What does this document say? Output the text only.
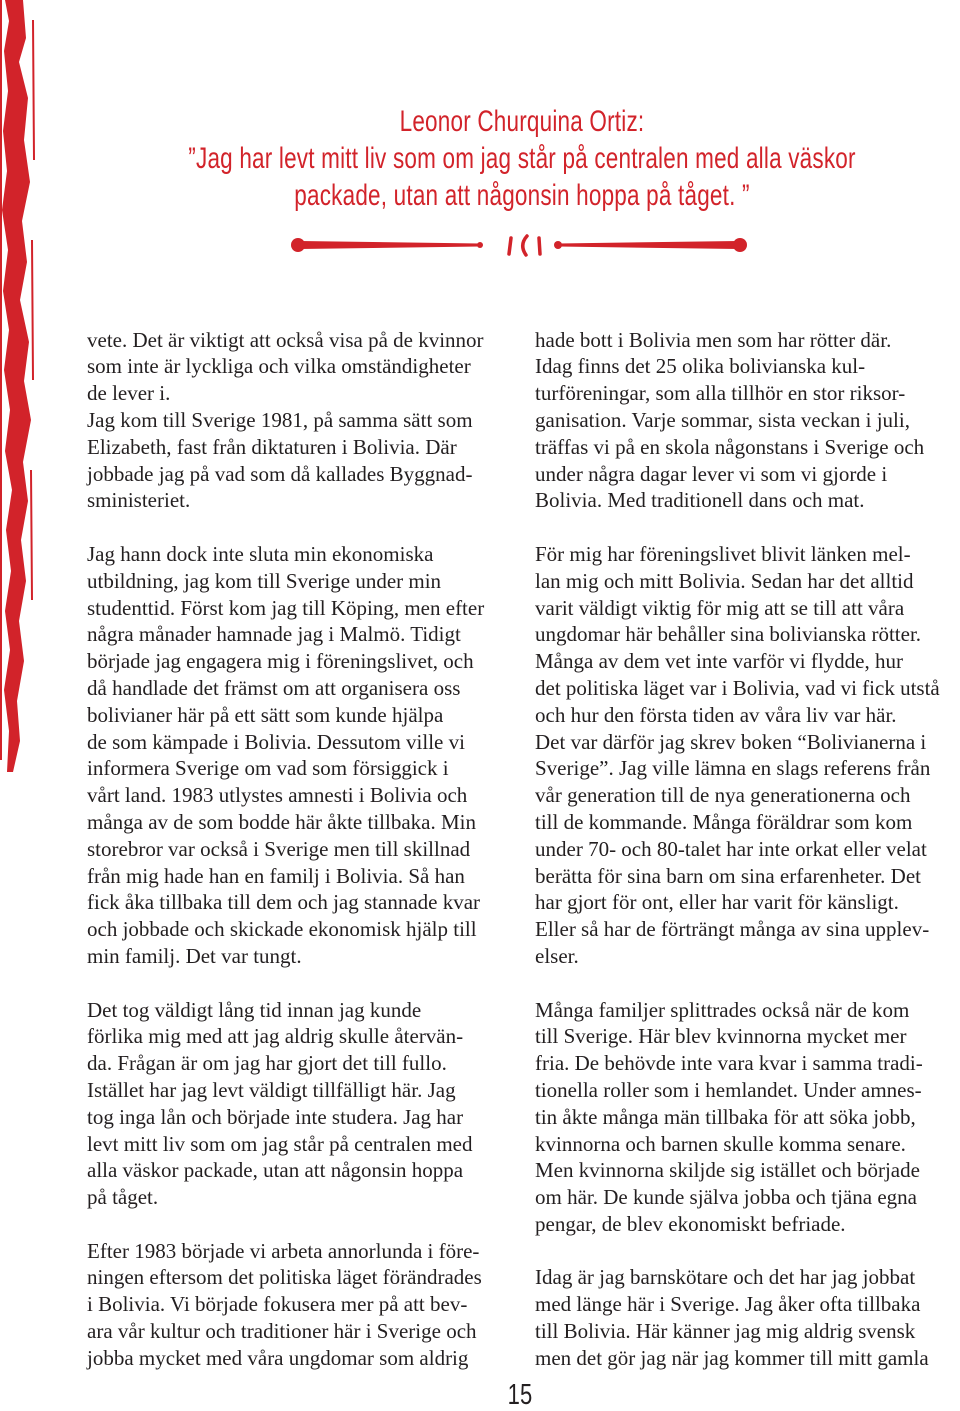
Leonor Churquina Ortiz:
”Jag har levt mitt liv som om jag står på centralen med alla väskor
packade, utan att någonsin hoppa på tåget. ”

vete. Det är viktigt att också visa på de kvinnor
som inte är lyckliga och vilka omständigheter
de lever i.
Jag kom till Sverige 1981, på samma sätt som
Elizabeth, fast från diktaturen i Bolivia. Där
jobbade jag på vad som då kallades Byggnad-
sministeriet.

Jag hann dock inte sluta min ekonomiska
utbildning, jag kom till Sverige under min
studenttid. Först kom jag till Köping, men efter
några månader hamnade jag i Malmö. Tidigt
började jag engagera mig i föreningslivet, och
då handlade det främst om att organisera oss
bolivianer här på ett sätt som kunde hjälpa
de som kämpade i Bolivia. Dessutom ville vi
informera Sverige om vad som försiggick i
vårt land. 1983 utlystes amnesti i Bolivia och
många av de som bodde här åkte tillbaka. Min
storebror var också i Sverige men till skillnad
från mig hade han en familj i Bolivia. Så han
fick åka tillbaka till dem och jag stannade kvar
och jobbade och skickade ekonomisk hjälp till
min familj. Det var tungt.

Det tog väldigt lång tid innan jag kunde
förlika mig med att jag aldrig skulle återvän-
da. Frågan är om jag har gjort det till fullo.
Istället har jag levt väldigt tillfälligt här. Jag
tog inga lån och började inte studera. Jag har
levt mitt liv som om jag står på centralen med
alla väskor packade, utan att någonsin hoppa
på tåget.

Efter 1983 började vi arbeta annorlunda i före-
ningen eftersom det politiska läget förändrades
i Bolivia. Vi började fokusera mer på att bev-
ara vår kultur och traditioner här i Sverige och
jobba mycket med våra ungdomar som aldrig

hade bott i Bolivia men som har rötter där.
Idag finns det 25 olika bolivianska kul-
turföreningar, som alla tillhör en stor riksor-
ganisation. Varje sommar, sista veckan i juli,
träffas vi på en skola någonstans i Sverige och
under några dagar lever vi som vi gjorde i
Bolivia. Med traditionell dans och mat.

För mig har föreningslivet blivit länken mel-
lan mig och mitt Bolivia. Sedan har det alltid
varit väldigt viktig för mig att se till att våra
ungdomar här behåller sina bolivianska rötter.
Många av dem vet inte varför vi flydde, hur
det politiska läget var i Bolivia, vad vi fick utstå
och hur den första tiden av våra liv var här.
Det var därför jag skrev boken “Bolivianerna i
Sverige”. Jag ville lämna en slags referens från
vår generation till de nya generationerna och
till de kommande. Många föräldrar som kom
under 70- och 80-talet har inte orkat eller velat
berätta för sina barn om sina erfarenheter. Det
har gjort för ont, eller har varit för känsligt.
Eller så har de förträngt många av sina upplev-
elser.

Många familjer splittrades också när de kom
till Sverige. Här blev kvinnorna mycket mer
fria. De behövde inte vara kvar i samma tradi-
tionella roller som i hemlandet. Under amnes-
tin åkte många män tillbaka för att söka jobb,
kvinnorna och barnen skulle komma senare.
Men kvinnorna skiljde sig istället och började
om här. De kunde själva jobba och tjäna egna
pengar, de blev ekonomiskt befriade.

Idag är jag barnskötare och det har jag jobbat
med länge här i Sverige. Jag åker ofta tillbaka
till Bolivia. Här känner jag mig aldrig svensk
men det gör jag när jag kommer till mitt gamla

15
